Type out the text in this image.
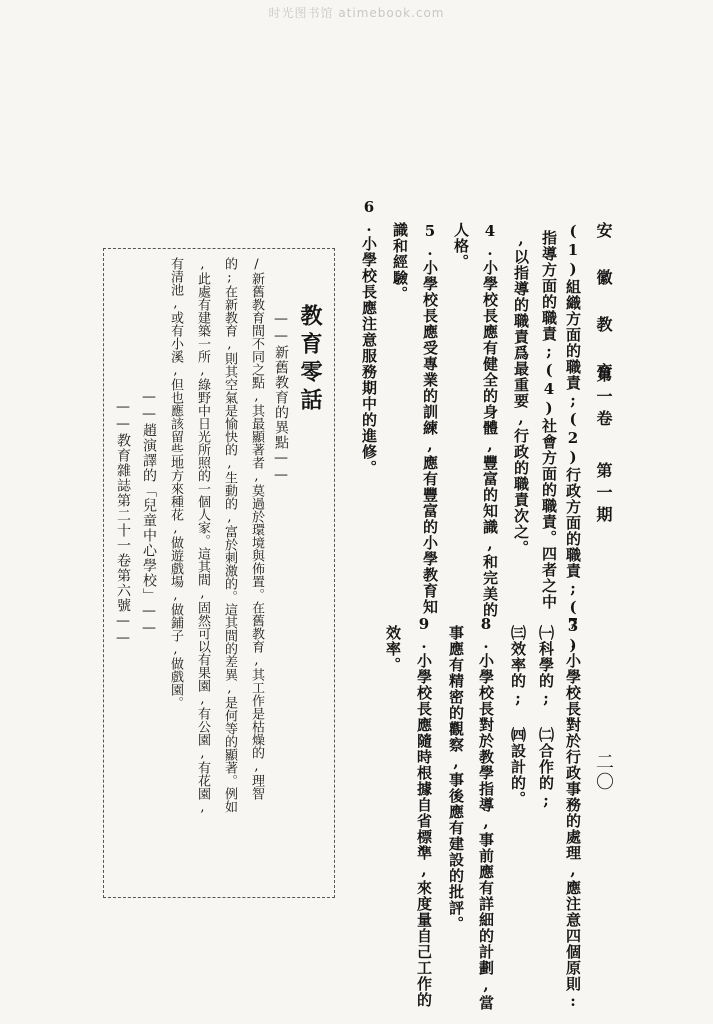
时光图书馆 atimebook.com
安 徽 教 育
第一卷
第一期
二〇
(1)組織方面的職責;(2)行政方面的職責;(3)
指導方面的職責;(4)社會方面的職責。四者之中
,以指導的職責爲最重要,行政的職責次之。
4.小學校長應有健全的身體,豐富的知識,和完美的
人格。
5.小學校長應受專業的訓練,應有豐富的小學教育知
識和經驗。
6.小學校長應注意服務期中的進修。
7.小學校長對於行政事務的處理,應注意四個原則:
㈠科學的; ㈡合作的;
㈢效率的; ㈣設計的。
8.小學校長對於教學指導,事前應有詳細的計劃,當
事應有精密的觀察,事後應有建設的批評。
9.小學校長應隨時根據自省標準,來度量自己工作的
效率。
教育零話
——新舊教育的異點——
/新舊教育間不同之點,其最顯著者,莫過於環境與佈置。在舊教育,其工作是枯燥的,理智
的;在新教育,則其空氣是愉快的,生動的,富於刺激的。這其間的差異,是何等的顯著。例如
,此處有建築一所,綠野中日光所照的一個人家。這其間,固然可以有果園,有公園,有花園,
有清池,或有小溪,但也應該留些地方來種花,做遊戲場,做鋪子,做戲園。
——趙演譯的「兒童中心學校」——
——教育雜誌第二十一卷第六號——
